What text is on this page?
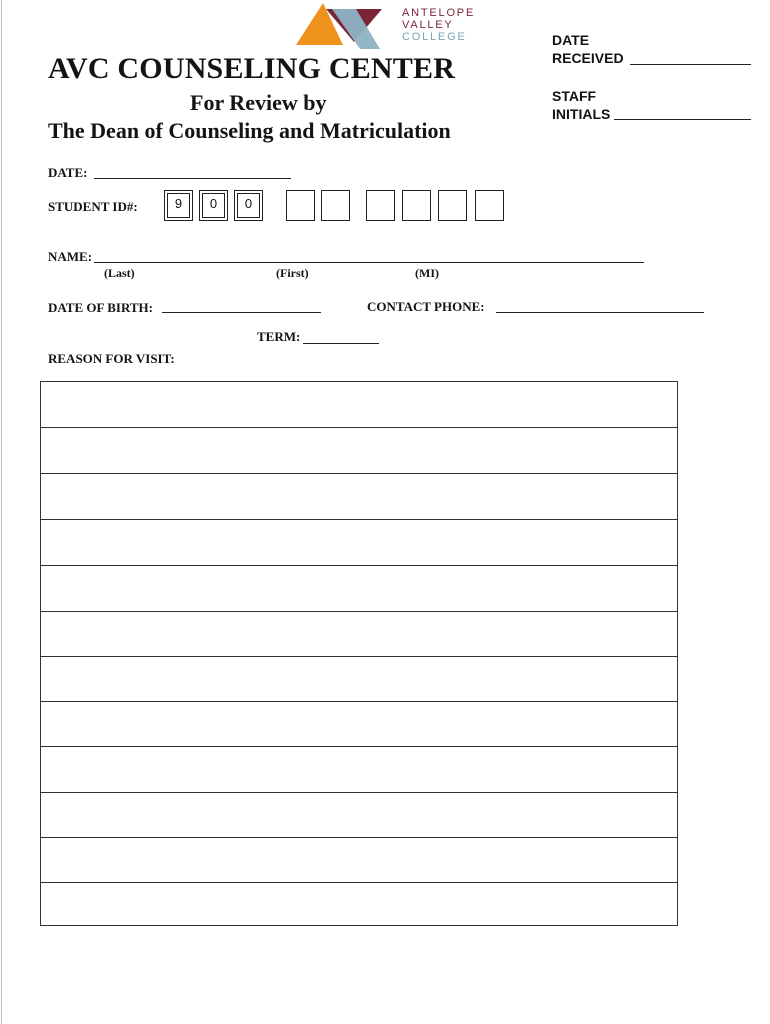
ANTELOPE
VALLEY
COLLEGE
AVC COUNSELING CENTER
For Review by
The Dean of Counseling and Matriculation
DATE
RECEIVED
STAFF
INITIALS
DATE:
STUDENT ID#:	9	0	0
NAME:
(Last)	(First)	(MI)
DATE OF BIRTH:	CONTACT PHONE:
TERM:
REASON FOR VISIT:
